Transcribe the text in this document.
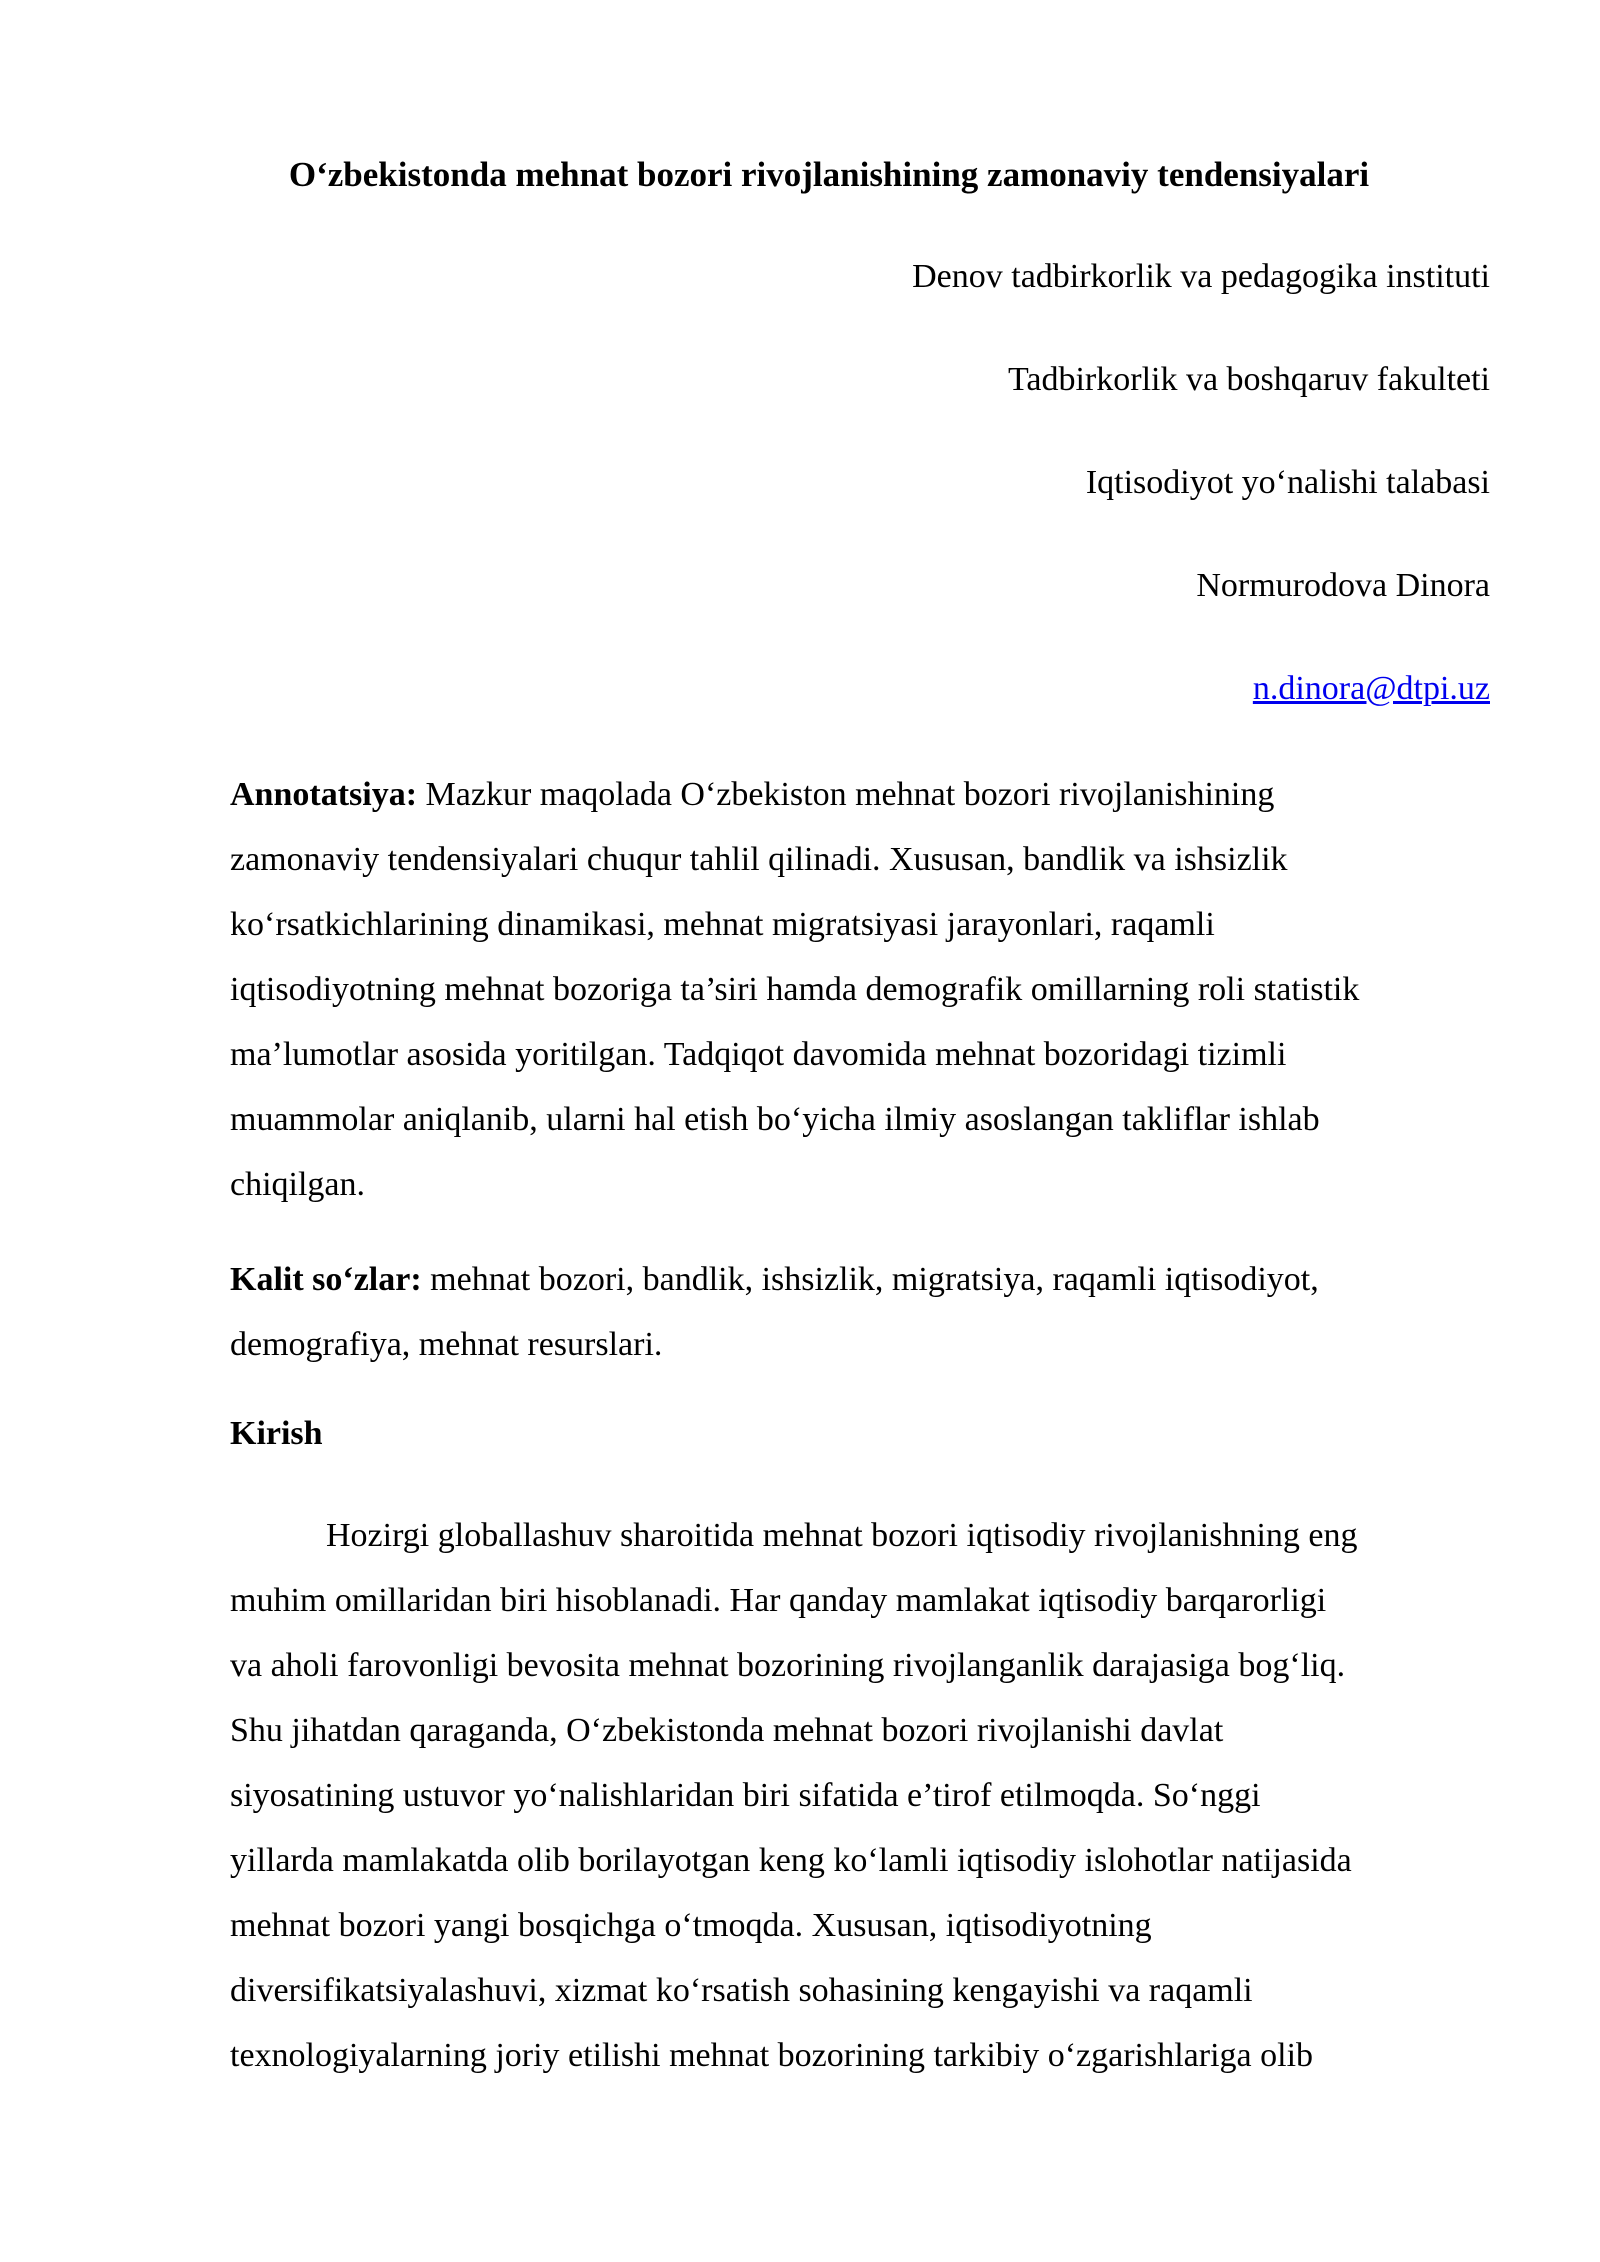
O‘zbekistonda mehnat bozori rivojlanishining zamonaviy tendensiyalari

Denov tadbirkorlik va pedagogika instituti

Tadbirkorlik va boshqaruv fakulteti

Iqtisodiyot yo‘nalishi talabasi

Normurodova Dinora

n.dinora@dtpi.uz

Annotatsiya: Mazkur maqolada O‘zbekiston mehnat bozori rivojlanishining
zamonaviy tendensiyalari chuqur tahlil qilinadi. Xususan, bandlik va ishsizlik
ko‘rsatkichlarining dinamikasi, mehnat migratsiyasi jarayonlari, raqamli
iqtisodiyotning mehnat bozoriga ta’siri hamda demografik omillarning roli statistik
ma’lumotlar asosida yoritilgan. Tadqiqot davomida mehnat bozoridagi tizimli
muammolar aniqlanib, ularni hal etish bo‘yicha ilmiy asoslangan takliflar ishlab
chiqilgan.

Kalit so‘zlar: mehnat bozori, bandlik, ishsizlik, migratsiya, raqamli iqtisodiyot,
demografiya, mehnat resurslari.

Kirish

Hozirgi globallashuv sharoitida mehnat bozori iqtisodiy rivojlanishning eng
muhim omillaridan biri hisoblanadi. Har qanday mamlakat iqtisodiy barqarorligi
va aholi farovonligi bevosita mehnat bozorining rivojlanganlik darajasiga bog‘liq.
Shu jihatdan qaraganda, O‘zbekistonda mehnat bozori rivojlanishi davlat
siyosatining ustuvor yo‘nalishlaridan biri sifatida e’tirof etilmoqda. So‘nggi
yillarda mamlakatda olib borilayotgan keng ko‘lamli iqtisodiy islohotlar natijasida
mehnat bozori yangi bosqichga o‘tmoqda. Xususan, iqtisodiyotning
diversifikatsiyalashuvi, xizmat ko‘rsatish sohasining kengayishi va raqamli
texnologiyalarning joriy etilishi mehnat bozorining tarkibiy o‘zgarishlariga olib
